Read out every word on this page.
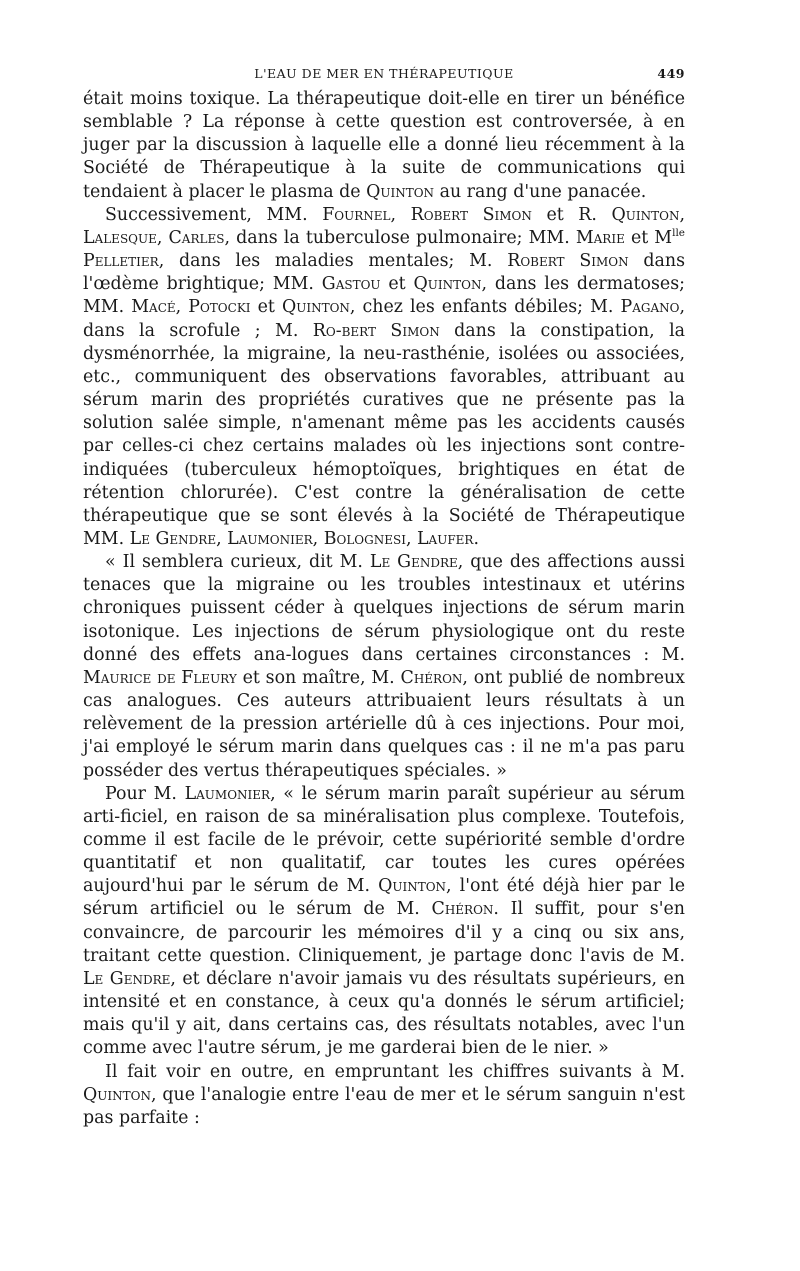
L'EAU DE MER EN THÉRAPEUTIQUE	449

était moins toxique. La thérapeutique doit-elle en tirer un bénéfice semblable ? La réponse à cette question est controversée, à en juger par la discussion à laquelle elle a donné lieu récemment à la Société de Thérapeutique à la suite de communications qui tendaient à placer le plasma de Quinton au rang d'une panacée.

Successivement, MM. Fournel, Robert Simon et R. Quinton, Lalesque, Carles, dans la tuberculose pulmonaire; MM. Marie et $M^{lle}$ Pelletier, dans les maladies mentales; M. Robert Simon dans l'œdème brightique; MM. Gastou et Quinton, dans les dermatoses; MM. Macé, Potocki et Quinton, chez les enfants débiles; M. Pagano, dans la scrofule ; M. Ro-bert Simon dans la constipation, la dysménorrhée, la migraine, la neu-rasthénie, isolées ou associées, etc., communiquent des observations favorables, attribuant au sérum marin des propriétés curatives que ne présente pas la solution salée simple, n'amenant même pas les accidents causés par celles-ci chez certains malades où les injections sont contre-indiquées (tuberculeux hémoptoïques, brightiques en état de rétention chlorurée). C'est contre la généralisation de cette thérapeutique que se sont élevés à la Société de Thérapeutique MM. Le Gendre, Laumonier, Bolognesi, Laufer.

« Il semblera curieux, dit M. Le Gendre, que des affections aussi tenaces que la migraine ou les troubles intestinaux et utérins chroniques puissent céder à quelques injections de sérum marin isotonique. Les injections de sérum physiologique ont du reste donné des effets ana-logues dans certaines circonstances : M. Maurice de Fleury et son maître, M. Chéron, ont publié de nombreux cas analogues. Ces auteurs attribuaient leurs résultats à un relèvement de la pression artérielle dû à ces injections. Pour moi, j'ai employé le sérum marin dans quelques cas : il ne m'a pas paru posséder des vertus thérapeutiques spéciales. »

Pour M. Laumonier, « le sérum marin paraît supérieur au sérum arti-ficiel, en raison de sa minéralisation plus complexe. Toutefois, comme il est facile de le prévoir, cette supériorité semble d'ordre quantitatif et non qualitatif, car toutes les cures opérées aujourd'hui par le sérum de M. Quinton, l'ont été déjà hier par le sérum artificiel ou le sérum de M. Chéron. Il suffit, pour s'en convaincre, de parcourir les mémoires d'il y a cinq ou six ans, traitant cette question. Cliniquement, je partage donc l'avis de M. Le Gendre, et déclare n'avoir jamais vu des résultats supérieurs, en intensité et en constance, à ceux qu'a donnés le sérum artificiel; mais qu'il y ait, dans certains cas, des résultats notables, avec l'un comme avec l'autre sérum, je me garderai bien de le nier. »

Il fait voir en outre, en empruntant les chiffres suivants à M. Quinton, que l'analogie entre l'eau de mer et le sérum sanguin n'est pas parfaite :
